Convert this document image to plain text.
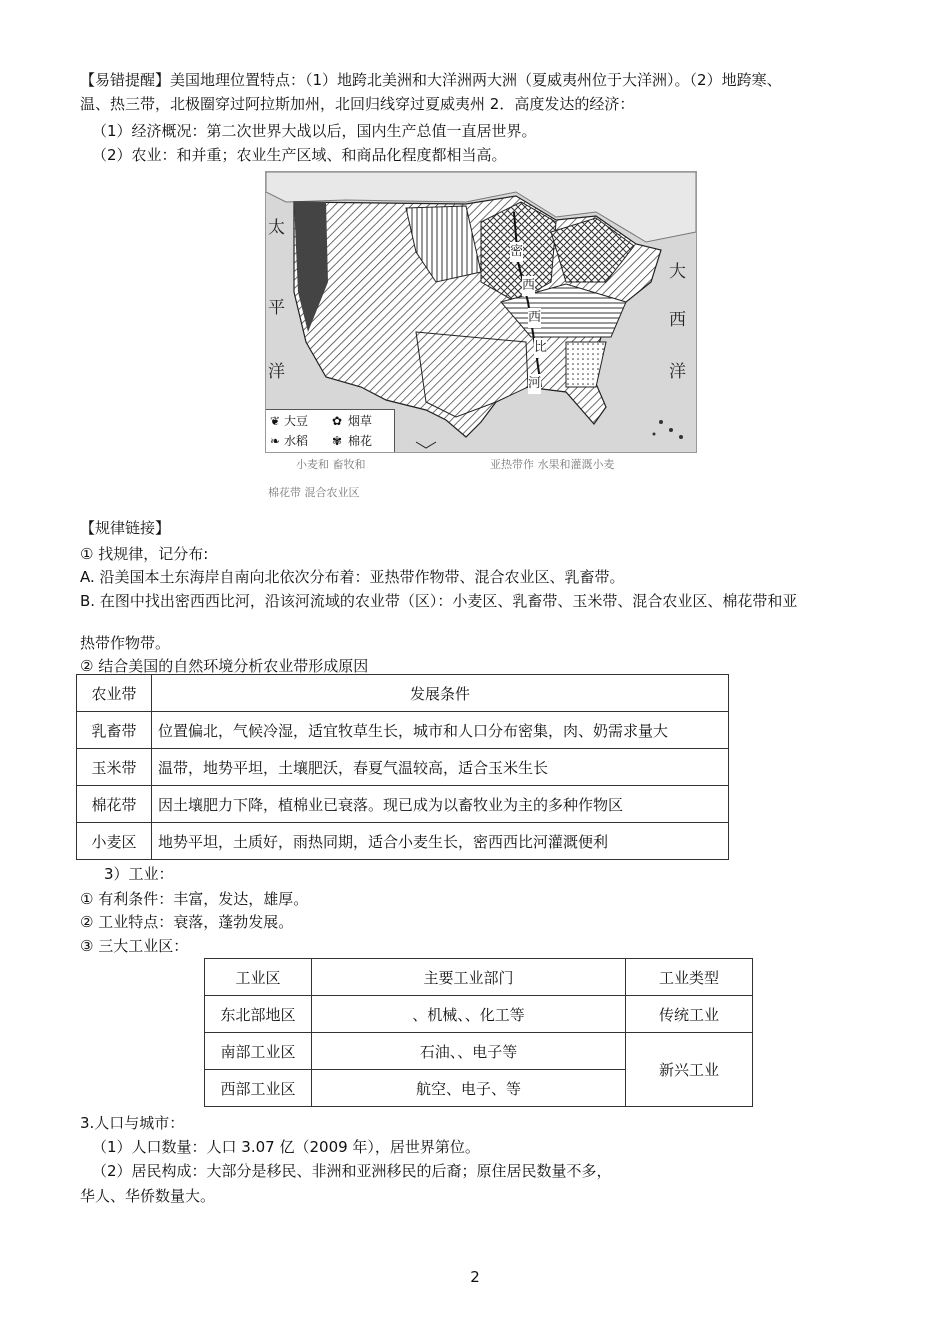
【易错提醒】美国地理位置特点：（1）地跨北美洲和大洋洲两大洲（夏威夷州位于大洋洲）。（2）地跨寒、
温、热三带，北极圈穿过阿拉斯加州，北回归线穿过夏威夷州 2．高度发达的经济：
（1）经济概况：第二次世界大战以后，国内生产总值一直居世界。
（2）农业：和并重；农业生产区域、和商品化程度都相当高。
太
平
洋
大
西
洋
密
西
西
比
河
❦ 大豆 ✿ 烟草
❧ 水稻 ✾ 棉花
小麦和 畜牧和	亚热带作 水果和灌溉小麦
棉花带 混合农业区
【规律链接】
① 找规律，记分布:
A. 沿美国本土东海岸自南向北依次分布着：亚热带作物带、混合农业区、乳畜带。
B. 在图中找出密西西比河，沿该河流域的农业带（区）：小麦区、乳畜带、玉米带、混合农业区、棉花带和亚
热带作物带。
② 结合美国的自然环境分析农业带形成原因
农业带	发展条件
乳畜带	位置偏北，气候冷湿，适宜牧草生长，城市和人口分布密集，肉、奶需求量大
玉米带	温带，地势平坦，土壤肥沃，春夏气温较高，适合玉米生长
棉花带	因土壤肥力下降，植棉业已衰落。现已成为以畜牧业为主的多种作物区
小麦区	地势平坦，土质好，雨热同期，适合小麦生长，密西西比河灌溉便利
3）工业：
① 有利条件：丰富，发达，雄厚。
② 工业特点：衰落，蓬勃发展。
③ 三大工业区：
工业区	主要工业部门	工业类型
东北部地区	、机械、、化工等	传统工业
南部工业区	石油、、电子等	新兴工业
西部工业区	航空、电子、等	
3.人口与城市：
（1）人口数量：人口 3.07 亿（2009 年），居世界第位。
（2）居民构成：大部分是移民、非洲和亚洲移民的后裔；原住居民数量不多，
华人、华侨数量大。
2
